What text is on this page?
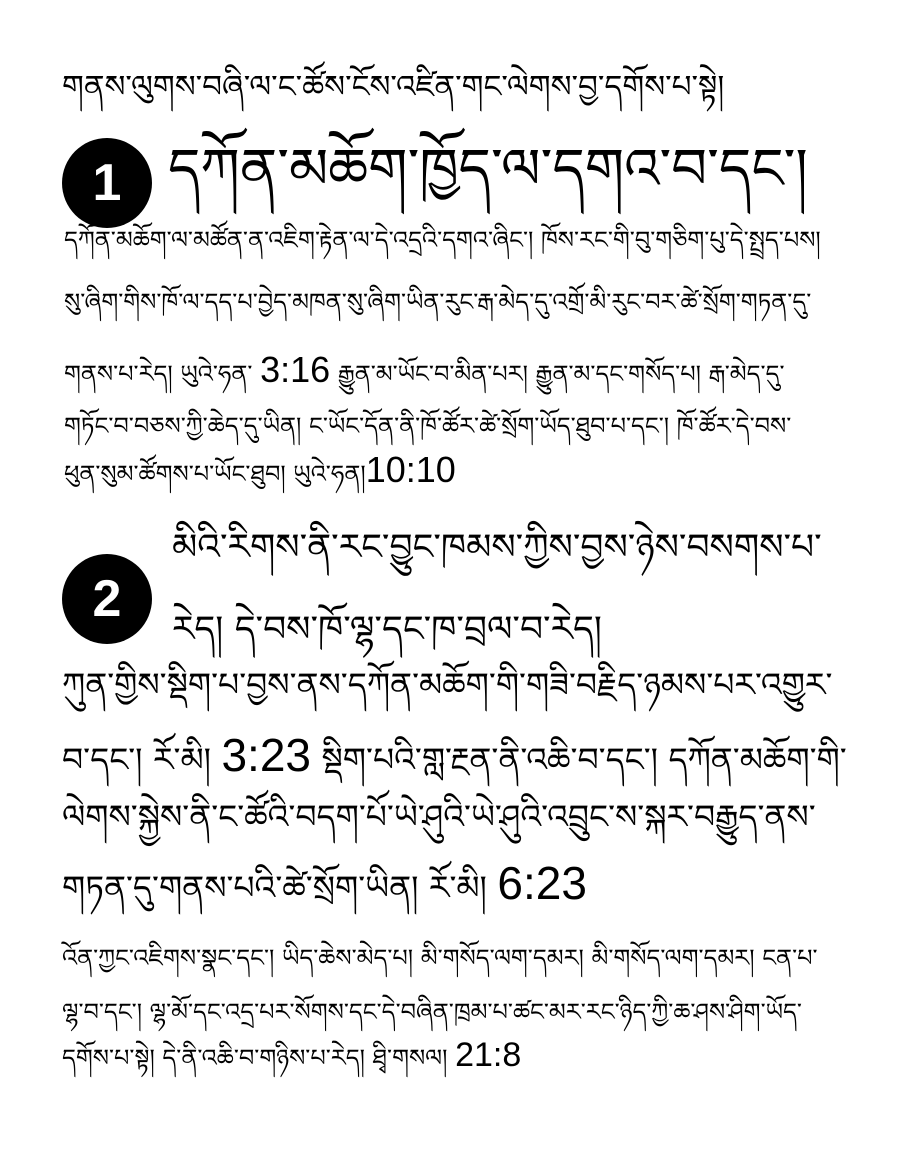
གནས་ལུགས་བཞི་ལ་ང་ཚོས་ངོས་འཛིན་གང་ལེགས་བྱ་དགོས་པ་སྟེ།
1 དཀོན་མཆོག་ཁྱོད་ལ་དགའ་བ་དང་།
དཀོན་མཆོག་ལ་མཚོན་ན་འཇིག་རྟེན་ལ་དེ་འདྲའི་དགའ་ཞིང་། ཁོས་རང་གི་བུ་གཅིག་པུ་དེ་སྤྲད་པས།
སུ་ཞིག་གིས་ཁོ་ལ་དད་པ་བྱེད་མཁན་སུ་ཞིག་ཡིན་རུང་རྒ་མེད་དུ་འགྲོ་མི་རུང་བར་ཚེ་སྲོག་གཏན་དུ་
གནས་པ་རེད། ཡུའེ་ཧན་ 3:16 རྒྱུན་མ་ཡོང་བ་མིན་པར། རྒྱུན་མ་དང་གསོད་པ། རྒ་མེད་དུ་
གཏོང་བ་བཅས་ཀྱི་ཆེད་དུ་ཡིན། ང་ཡོང་དོན་ནི་ཁོ་ཚོར་ཚེ་སྲོག་ཡོད་ཐུབ་པ་དང་། ཁོ་ཚོར་དེ་བས་
ཕུན་སུམ་ཚོགས་པ་ཡོང་ཐུབ། ཡུའེ་ཧན།10:10
2
མིའི་རིགས་ནི་རང་བྱུང་ཁམས་ཀྱིས་བྱས་ཉེས་བསགས་པ་
རེད། དེ་བས་ཁོ་ལྷ་དང་ཁ་བྲལ་བ་རེད།
ཀུན་གྱིས་སྡིག་པ་བྱས་ནས་དཀོན་མཆོག་གི་གཟི་བརྗིད་ཉམས་པར་འགྱུར་
བ་དང་། རོ་མི། 3:23 སྡིག་པའི་གླ་རྔན་ནི་འཆི་བ་དང་། དཀོན་མཆོག་གི་
ལེགས་སྐྱེས་ནི་ང་ཚོའི་བདག་པོ་ཡེ་ཤུའི་ཡེ་ཤུའི་འབྲུང་ས་སྐར་བརྒྱུད་ནས་
གཏན་དུ་གནས་པའི་ཚེ་སྲོག་ཡིན། རོ་མི། 6:23
འོན་ཀྱང་འཇིགས་སྣང་དང་། ཡིད་ཆེས་མེད་པ། མི་གསོད་ལག་དམར། མི་གསོད་ལག་དམར། ངན་པ་
ལྷ་བ་དང་། ལྷ་མོ་དང་འདྲ་པར་སོགས་དང་དེ་བཞིན་ཁྲམ་པ་ཚང་མར་རང་ཉིད་ཀྱི་ཆ་ཤས་ཤིག་ཡོད་
དགོས་པ་སྟེ། དེ་ནི་འཆི་བ་གཉིས་པ་རེད། ཐྭི་གསལ། 21:8
